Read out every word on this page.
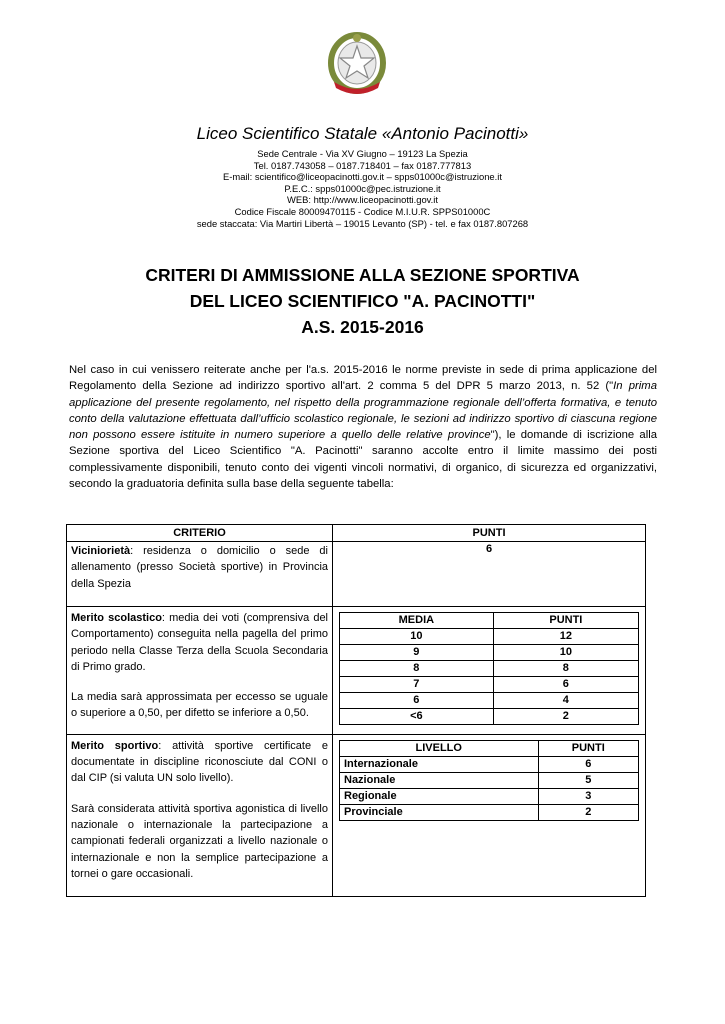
Liceo Scientifico Statale «Antonio Pacinotti»
Sede Centrale - Via XV Giugno – 19123 La Spezia
Tel. 0187.743058 – 0187.718401 – fax 0187.777813
E-mail: scientifico@liceopacinotti.gov.it – spps01000c@istruzione.it
P.E.C.: spps01000c@pec.istruzione.it
WEB: http://www.liceopacinotti.gov.it
Codice Fiscale 80009470115 - Codice M.I.U.R. SPPS01000C
sede staccata: Via Martiri Libertà – 19015 Levanto (SP) - tel. e fax 0187.807268
CRITERI DI AMMISSIONE ALLA SEZIONE SPORTIVA
DEL LICEO SCIENTIFICO "A. PACINOTTI"
A.S. 2015-2016
Nel caso in cui venissero reiterate anche per l'a.s. 2015-2016 le norme previste in sede di prima applicazione del Regolamento della Sezione ad indirizzo sportivo all'art. 2 comma 5 del DPR 5 marzo 2013, n. 52 ("In prima applicazione del presente regolamento, nel rispetto della programmazione regionale dell’offerta formativa, e tenuto conto della valutazione effettuata dall’ufficio scolastico regionale, le sezioni ad indirizzo sportivo di ciascuna regione non possono essere istituite in numero superiore a quello delle relative province"), le domande di iscrizione alla Sezione sportiva del Liceo Scientifico "A. Pacinotti" saranno accolte entro il limite massimo dei posti complessivamente disponibili, tenuto conto dei vigenti vincoli normativi, di organico, di sicurezza ed organizzativi, secondo la graduatoria definita sulla base della seguente tabella:
CRITERIO	PUNTI
Viciniorietà: residenza o domicilio o sede di allenamento (presso Società sportive) in Provincia della Spezia	6

Merito scolastico: media dei voti (comprensiva del Comportamento) conseguita nella pagella del primo periodo nella Classe Terza della Scuola Secondaria di Primo grado.

La media sarà approssimata per eccesso se uguale o superiore a 0,50, per difetto se inferiore a 0,50.

MEDIA	PUNTI
10	12
9	10
8	8
7	6
6	4
<6	2

Merito sportivo: attività sportive certificate e documentate in discipline riconosciute dal CONI o dal CIP (si valuta UN solo livello).

Sarà considerata attività sportiva agonistica di livello nazionale o internazionale la partecipazione a campionati federali organizzati a livello nazionale o internazionale e non la semplice partecipazione a tornei o gare occasionali.

LIVELLO	PUNTI
Internazionale	6
Nazionale	5
Regionale	3
Provinciale	2
